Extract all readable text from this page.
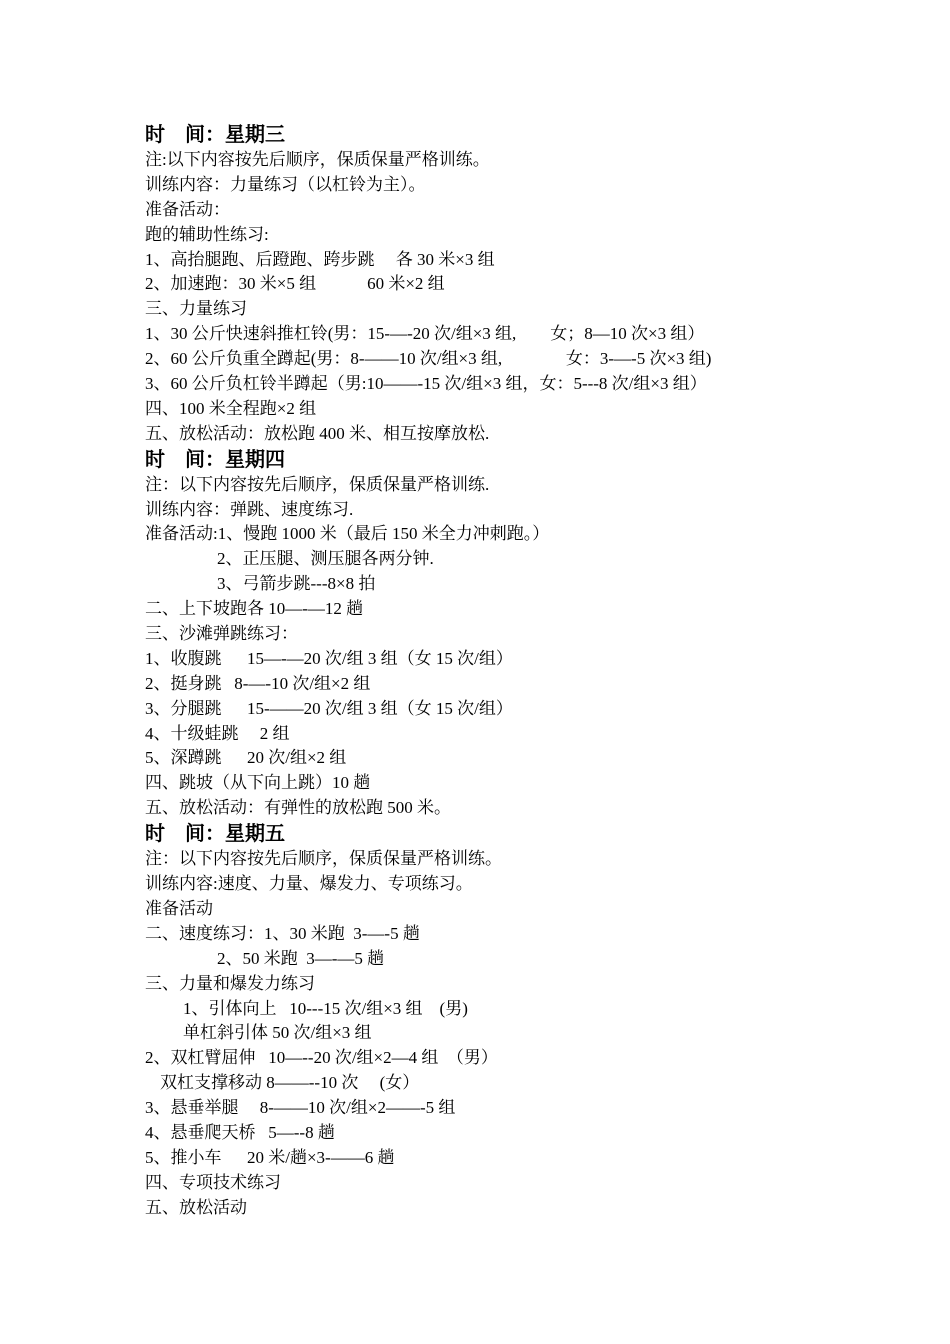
时    间：星期三
注:以下内容按先后顺序，保质保量严格训练。
训练内容：力量练习（以杠铃为主）。
准备活动：
跑的辅助性练习:
1、高抬腿跑、后蹬跑、跨步跳     各 30 米×3 组
2、加速跑：30 米×5 组            60 米×2 组
三、力量练习
1、30 公斤快速斜推杠铃(男：15-—-20 次/组×3 组,        女；8—10 次×3 组）
2、60 公斤负重全蹲起(男：8-——10 次/组×3 组,               女：3-—-5 次×3 组)
3、60 公斤负杠铃半蹲起（男:10——-15 次/组×3 组，女：5---8 次/组×3 组）
四、100 米全程跑×2 组
五、放松活动：放松跑 400 米、相互按摩放松.
时    间：星期四
注：以下内容按先后顺序，保质保量严格训练.
训练内容：弹跳、速度练习.
准备活动:1、慢跑 1000 米（最后 150 米全力冲刺跑。）
2、正压腿、测压腿各两分钟.
3、弓箭步跳---8×8 拍
二、上下坡跑各 10—-—12 趟
三、沙滩弹跳练习：
1、收腹跳      15—-—20 次/组 3 组（女 15 次/组）
2、挺身跳   8-—-10 次/组×2 组
3、分腿跳      15-——20 次/组 3 组（女 15 次/组）
4、十级蛙跳     2 组
5、深蹲跳      20 次/组×2 组
四、跳坡（从下向上跳）10 趟
五、放松活动：有弹性的放松跑 500 米。
时    间：星期五
注：以下内容按先后顺序，保质保量严格训练。
训练内容:速度、力量、爆发力、专项练习。
准备活动
二、速度练习：1、30 米跑  3-—-5 趟
2、50 米跑  3—-—5 趟
三、力量和爆发力练习
1、引体向上   10---15 次/组×3 组    (男)
单杠斜引体 50 次/组×3 组
2、双杠臂屈伸   10—--20 次/组×2—4 组  （男）
双杠支撑移动 8——--10 次     (女）
3、悬垂举腿     8-——10 次/组×2——-5 组
4、悬垂爬天桥   5—--8 趟
5、推小车      20 米/趟×3-——6 趟
四、专项技术练习
五、放松活动
